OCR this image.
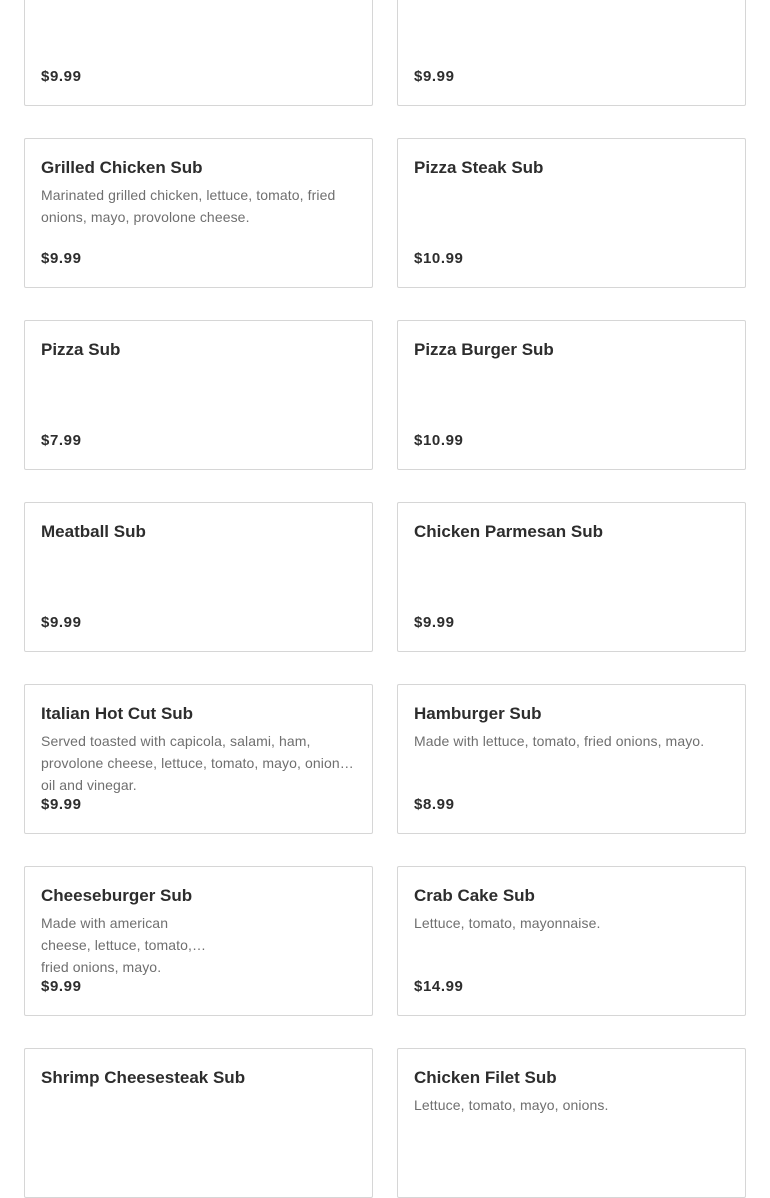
$9.99	$9.99
Grilled Chicken Sub
Marinated grilled chicken, lettuce, tomato, fried onions, mayo, provolone cheese.
$9.99
Pizza Steak Sub
$10.99
Pizza Sub
$7.99
Pizza Burger Sub
$10.99
Meatball Sub
$9.99
Chicken Parmesan Sub
$9.99
Italian Hot Cut Sub
Served toasted with capicola, salami, ham, provolone cheese, lettuce, tomato, mayo, onions, oil and vinegar.
$9.99
Hamburger Sub
Made with lettuce, tomato, fried onions, mayo.
$8.99
Cheeseburger Sub
Made with american cheese, lettuce, tomato, fried onions, mayo.
$9.99
Crab Cake Sub
Lettuce, tomato, mayonnaise.
$14.99
Shrimp Cheesesteak Sub	Chicken Filet Sub
Lettuce, tomato, mayo, onions.
